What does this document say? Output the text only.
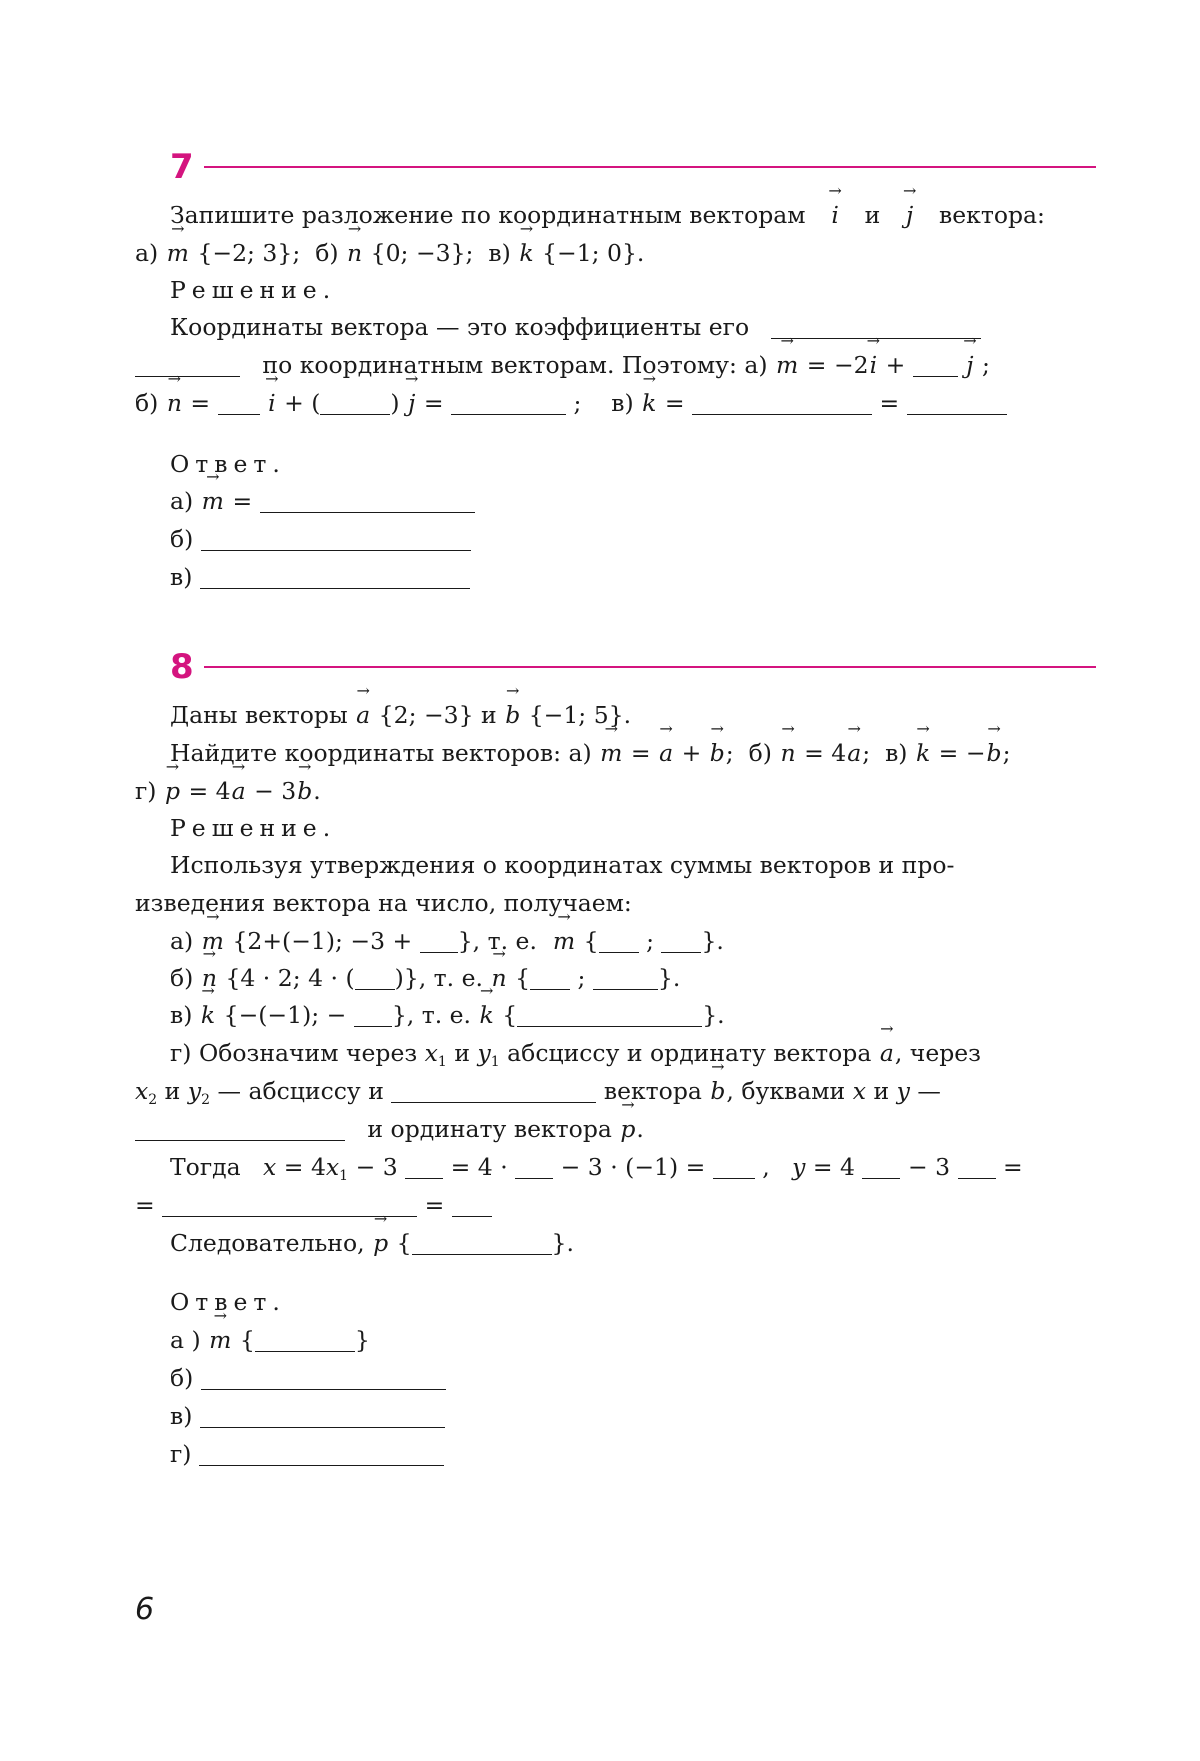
7
Запишите разложение по координатным векторам → i и → j вектора:
а) → m {−2; 3}; б) → n {0; −3}; в) → k {−1; 0}.
Решение.
Координаты вектора — это коэффициенты его
по координатным векторам. Поэтому: а) → m = −2→ i +  → j ;
б) → n =  → i + (	) → j =	;    в) → k =	=
Ответ.
а) → m =
б)
в)
8
Даны векторы → a {2; −3} и → b {−1; 5}.
Найдите координаты векторов: а) → m = → a + → b;  б) → n = 4→ a;  в) → k = −→ b;
г) → p = 4→ a − 3→ b.
Решение.
Используя утверждения о координатах суммы векторов и про-
изведения вектора на число, получаем:
а) → m {2+(−1); −3 + }, т. е. → m { ; }.
б) → n {4 · 2; 4 · ( )}, т. е. → n { ;	}.
в) → k {−(−1); − }, т. е. → k {	}.
г) Обозначим через $x_1$ и $y_1$ абсциссу и ординату вектора → a, через
$x_2$ и $y_2$ — абсциссу и	вектора → b, буквами x и y —
и ординату вектора → p.
Тогда $x = 4x_1 - 3 = 4$ ·  − 3 · (−1) =  ,   y = 4  − 3  =
=	=
Следовательно, → p {	}.
Ответ.
а ) → m {	}
б)
в)
г)
6
